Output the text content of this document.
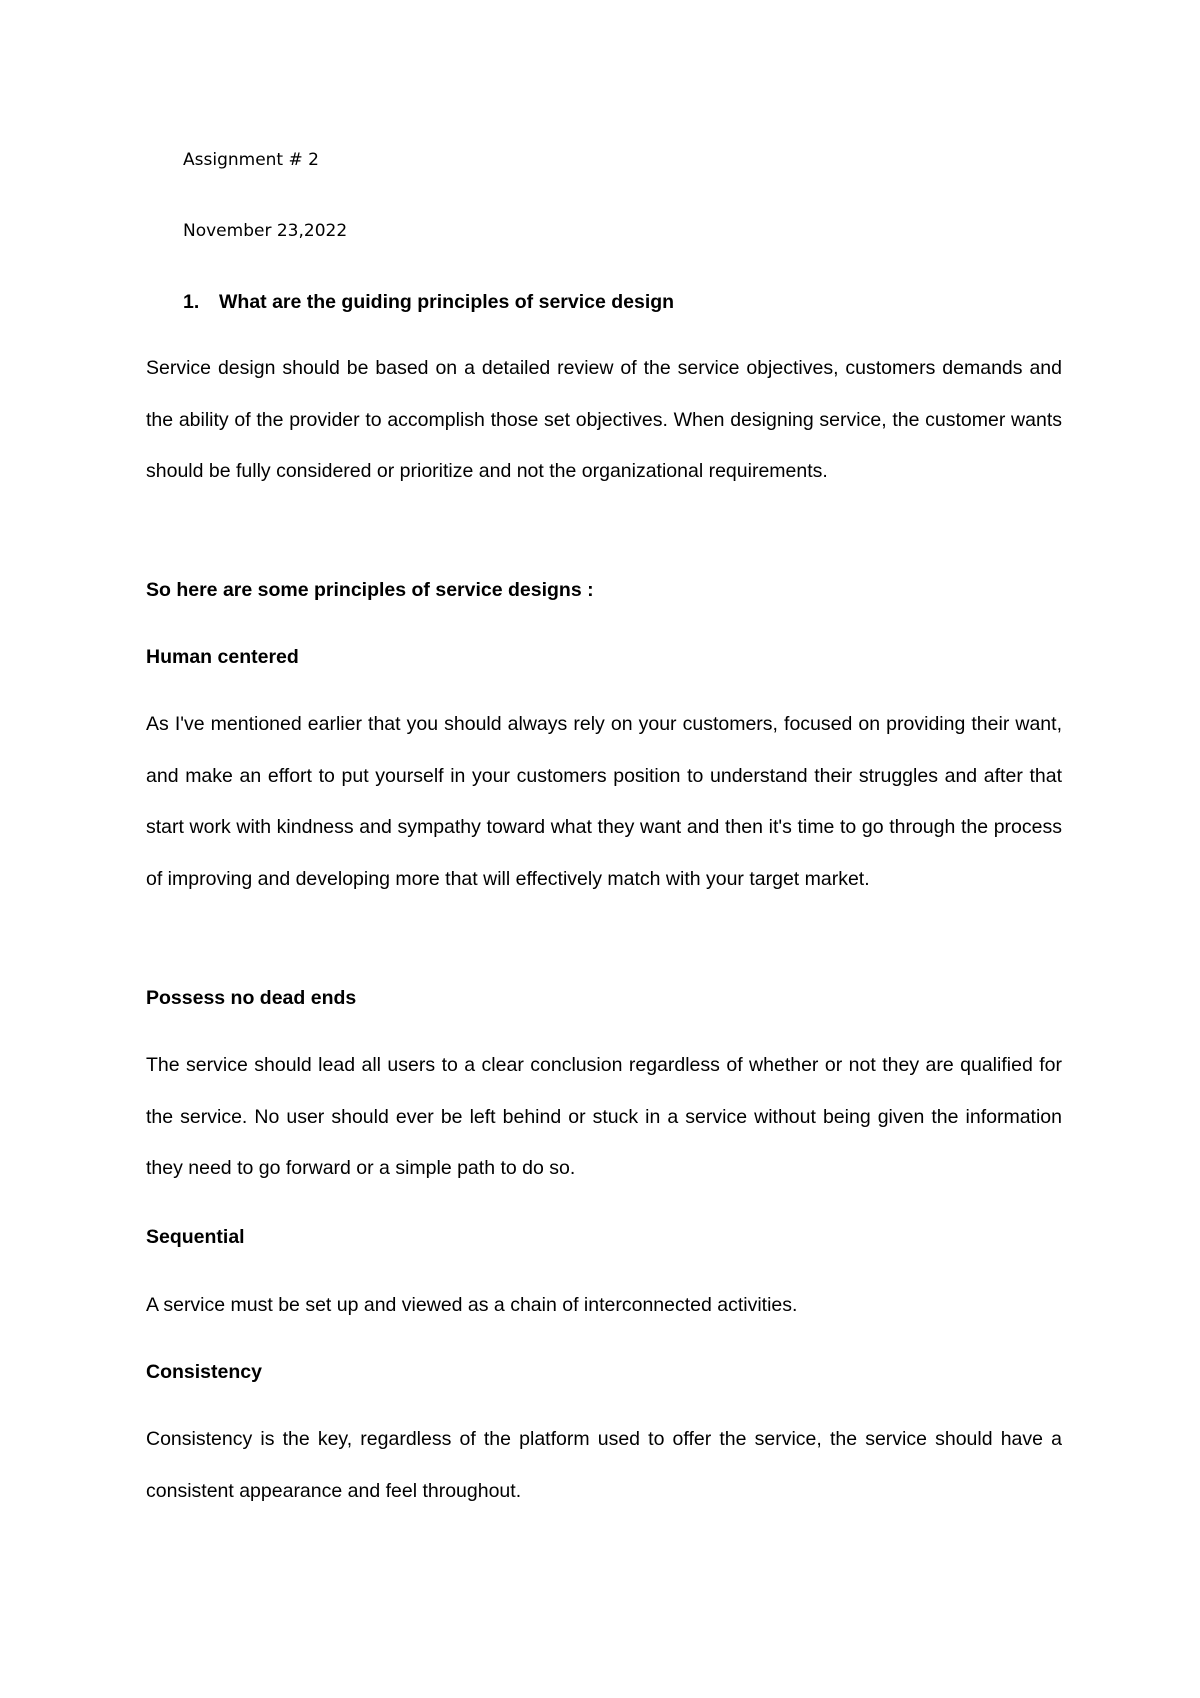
Assignment # 2
November 23,2022
1. What are the guiding principles of service design

Service design should be based on a detailed review of the service objectives, customers demands and the ability of the provider to accomplish those set objectives. When designing service, the customer wants should be fully considered or prioritize and not the organizational requirements.

So here are some principles of service designs :
Human centered

As I've mentioned earlier that you should always rely on your customers, focused on providing their want, and make an effort to put yourself in your customers position to understand their struggles and after that start work with kindness and sympathy toward what they want and then it's time to go through the process of improving and developing more that will effectively match with your target market.

Possess no dead ends

The service should lead all users to a clear conclusion regardless of whether or not they are qualified for the service. No user should ever be left behind or stuck in a service without being given the information they need to go forward or a simple path to do so.

Sequential

A service must be set up and viewed as a chain of interconnected activities.

Consistency

Consistency is the key, regardless of the platform used to offer the service, the service should have a consistent appearance and feel throughout.
